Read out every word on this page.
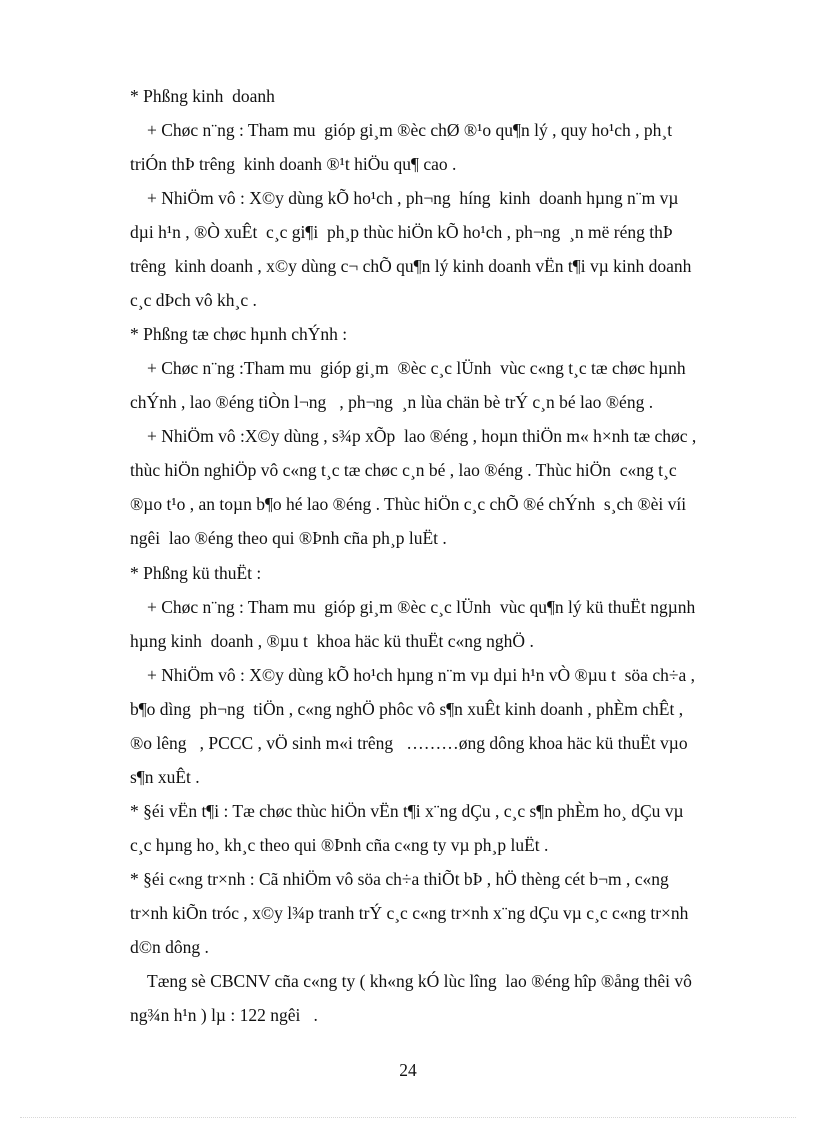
* Phßng kinh  doanh
+ Chøc n¨ng : Tham mu  gióp gi¸m ®èc chØ ®¹o qu¶n lý , quy ho¹ch , ph¸t
triÓn thÞ trêng  kinh doanh ®¹t hiÖu qu¶ cao .
+ NhiÖm vô : X©y dùng kÕ ho¹ch , ph¬ng  híng  kinh  doanh hµng n¨m vµ
dµi h¹n , ®Ò xuÊt  c¸c gi¶i  ph¸p thùc hiÖn kÕ ho¹ch , ph¬ng  ¸n më réng thÞ
trêng  kinh doanh , x©y dùng c¬ chÕ qu¶n lý kinh doanh vËn t¶i vµ kinh doanh
c¸c dÞch vô kh¸c .
* Phßng tæ chøc hµnh chÝnh :
+ Chøc n¨ng :Tham mu  gióp gi¸m  ®èc c¸c lÜnh  vùc c«ng t¸c tæ chøc hµnh
chÝnh , lao ®éng tiÒn l¬ng   , ph¬ng  ¸n lùa chän bè trÝ c¸n bé lao ®éng .
+ NhiÖm vô :X©y dùng , s¾p xÕp  lao ®éng , hoµn thiÖn m« h×nh tæ chøc ,
thùc hiÖn nghiÖp vô c«ng t¸c tæ chøc c¸n bé , lao ®éng . Thùc hiÖn  c«ng t¸c
®µo t¹o , an toµn b¶o hé lao ®éng . Thùc hiÖn c¸c chÕ ®é chÝnh  s¸ch ®èi víi
ngêi  lao ®éng theo qui ®Þnh cña ph¸p luËt .
* Phßng kü thuËt :
+ Chøc n¨ng : Tham mu  gióp gi¸m ®èc c¸c lÜnh  vùc qu¶n lý kü thuËt ngµnh
hµng kinh  doanh , ®µu t  khoa häc kü thuËt c«ng nghÖ .
+ NhiÖm vô : X©y dùng kÕ ho¹ch hµng n¨m vµ dµi h¹n vÒ ®µu t  söa ch÷a ,
b¶o dìng  ph¬ng  tiÖn , c«ng nghÖ phôc vô s¶n xuÊt kinh doanh , phÈm chÊt ,
®o lêng   , PCCC , vÖ sinh m«i trêng   ………øng dông khoa häc kü thuËt vµo
s¶n xuÊt .
* §éi vËn t¶i : Tæ chøc thùc hiÖn vËn t¶i x¨ng dÇu , c¸c s¶n phÈm ho¸ dÇu vµ
c¸c hµng ho¸ kh¸c theo qui ®Þnh cña c«ng ty vµ ph¸p luËt .
* §éi c«ng tr×nh : Cã nhiÖm vô söa ch÷a thiÕt bÞ , hÖ thèng cét b¬m , c«ng
tr×nh kiÕn tróc , x©y l¾p tranh trÝ c¸c c«ng tr×nh x¨ng dÇu vµ c¸c c«ng tr×nh
d©n dông .
Tæng sè CBCNV cña c«ng ty ( kh«ng kÓ lùc lîng  lao ®éng hîp ®ång thêi vô
ng¾n h¹n ) lµ : 122 ngêi   .
24
